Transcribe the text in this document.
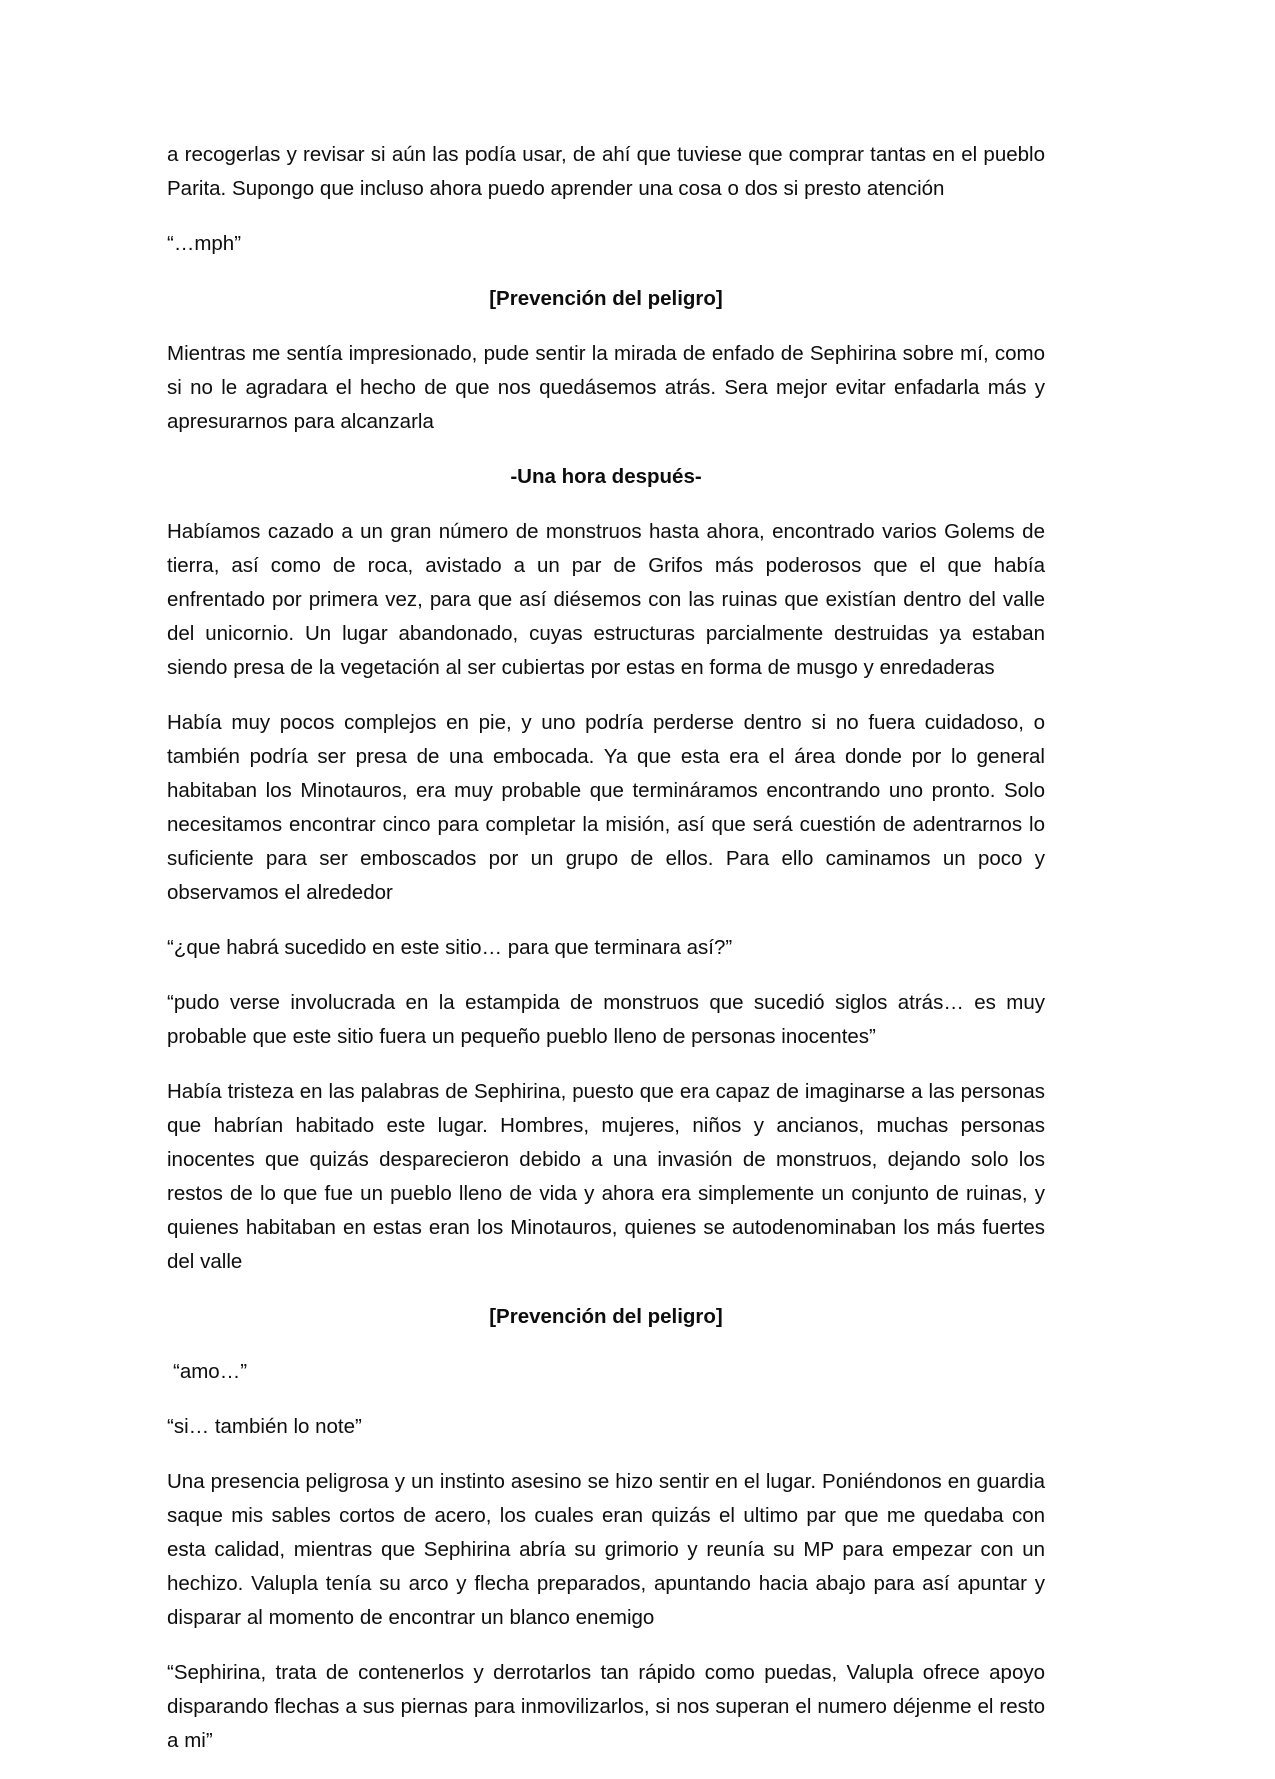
a recogerlas y revisar si aún las podía usar, de ahí que tuviese que comprar tantas en el pueblo Parita. Supongo que incluso ahora puedo aprender una cosa o dos si presto atención

“…mph”

[Prevención del peligro]

Mientras me sentía impresionado, pude sentir la mirada de enfado de Sephirina sobre mí, como si no le agradara el hecho de que nos quedásemos atrás. Sera mejor evitar enfadarla más y apresurarnos para alcanzarla

-Una hora después-

Habíamos cazado a un gran número de monstruos hasta ahora, encontrado varios Golems de tierra, así como de roca, avistado a un par de Grifos más poderosos que el que había enfrentado por primera vez, para que así diésemos con las ruinas que existían dentro del valle del unicornio. Un lugar abandonado, cuyas estructuras parcialmente destruidas ya estaban siendo presa de la vegetación al ser cubiertas por estas en forma de musgo y enredaderas

Había muy pocos complejos en pie, y uno podría perderse dentro si no fuera cuidadoso, o también podría ser presa de una embocada. Ya que esta era el área donde por lo general habitaban los Minotauros, era muy probable que termináramos encontrando uno pronto. Solo necesitamos encontrar cinco para completar la misión, así que será cuestión de adentrarnos lo suficiente para ser emboscados por un grupo de ellos. Para ello caminamos un poco y observamos el alrededor

“¿que habrá sucedido en este sitio… para que terminara así?”

“pudo verse involucrada en la estampida de monstruos que sucedió siglos atrás… es muy probable que este sitio fuera un pequeño pueblo lleno de personas inocentes”

Había tristeza en las palabras de Sephirina, puesto que era capaz de imaginarse a las personas que habrían habitado este lugar. Hombres, mujeres, niños y ancianos, muchas personas inocentes que quizás desparecieron debido a una invasión de monstruos, dejando solo los restos de lo que fue un pueblo lleno de vida y ahora era simplemente un conjunto de ruinas, y quienes habitaban en estas eran los Minotauros, quienes se autodenominaban los más fuertes del valle

[Prevención del peligro]

“amo…”

“si… también lo note”

Una presencia peligrosa y un instinto asesino se hizo sentir en el lugar. Poniéndonos en guardia saque mis sables cortos de acero, los cuales eran quizás el ultimo par que me quedaba con esta calidad, mientras que Sephirina abría su grimorio y reunía su MP para empezar con un hechizo. Valupla tenía su arco y flecha preparados, apuntando hacia abajo para así apuntar y disparar al momento de encontrar un blanco enemigo

“Sephirina, trata de contenerlos y derrotarlos tan rápido como puedas, Valupla ofrece apoyo disparando flechas a sus piernas para inmovilizarlos, si nos superan el numero déjenme el resto a mi”
